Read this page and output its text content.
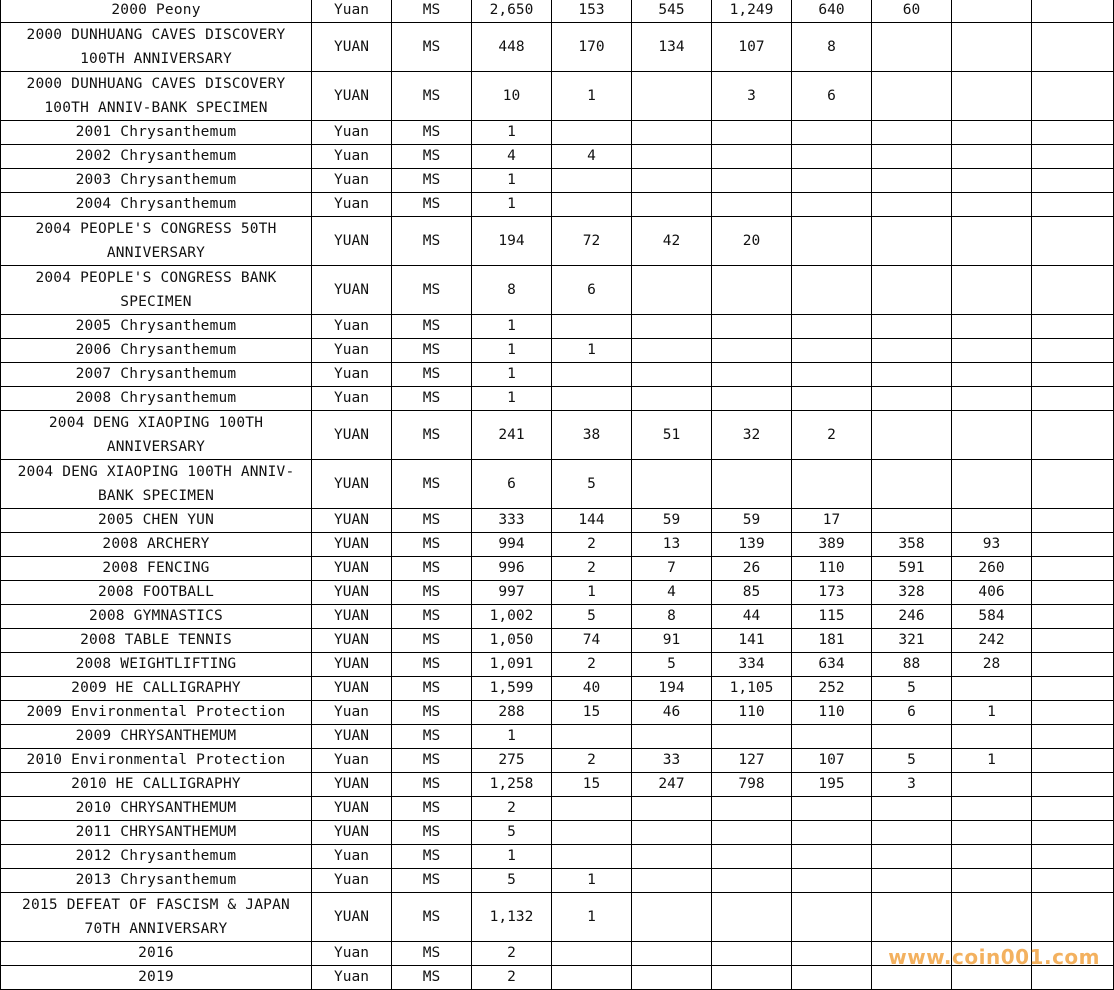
2000 Peony	Yuan	MS	2,650	153	545	1,249	640	60		
2000 DUNHUANG CAVES DISCOVERY 100TH ANNIVERSARY	YUAN	MS	448	170	134	107	8			
2000 DUNHUANG CAVES DISCOVERY 100TH ANNIV-BANK SPECIMEN	YUAN	MS	10	1		3	6			
2001 Chrysanthemum	Yuan	MS	1							
2002 Chrysanthemum	Yuan	MS	4	4						
2003 Chrysanthemum	Yuan	MS	1							
2004 Chrysanthemum	Yuan	MS	1							
2004 PEOPLE'S CONGRESS 50TH ANNIVERSARY	YUAN	MS	194	72	42	20				
2004 PEOPLE'S CONGRESS BANK SPECIMEN	YUAN	MS	8	6						
2005 Chrysanthemum	Yuan	MS	1							
2006 Chrysanthemum	Yuan	MS	1	1						
2007 Chrysanthemum	Yuan	MS	1							
2008 Chrysanthemum	Yuan	MS	1							
2004 DENG XIAOPING 100TH ANNIVERSARY	YUAN	MS	241	38	51	32	2			
2004 DENG XIAOPING 100TH ANNIV-BANK SPECIMEN	YUAN	MS	6	5						
2005 CHEN YUN	YUAN	MS	333	144	59	59	17			
2008 ARCHERY	YUAN	MS	994	2	13	139	389	358	93	
2008 FENCING	YUAN	MS	996	2	7	26	110	591	260	
2008 FOOTBALL	YUAN	MS	997	1	4	85	173	328	406	
2008 GYMNASTICS	YUAN	MS	1,002	5	8	44	115	246	584	
2008 TABLE TENNIS	YUAN	MS	1,050	74	91	141	181	321	242	
2008 WEIGHTLIFTING	YUAN	MS	1,091	2	5	334	634	88	28	
2009 HE CALLIGRAPHY	YUAN	MS	1,599	40	194	1,105	252	5		
2009 Environmental Protection	Yuan	MS	288	15	46	110	110	6	1	
2009 CHRYSANTHEMUM	YUAN	MS	1							
2010 Environmental Protection	Yuan	MS	275	2	33	127	107	5	1	
2010 HE CALLIGRAPHY	YUAN	MS	1,258	15	247	798	195	3		
2010 CHRYSANTHEMUM	YUAN	MS	2							
2011 CHRYSANTHEMUM	YUAN	MS	5							
2012 Chrysanthemum	Yuan	MS	1							
2013 Chrysanthemum	Yuan	MS	5	1						
2015 DEFEAT OF FASCISM & JAPAN 70TH ANNIVERSARY	YUAN	MS	1,132	1						
2016	Yuan	MS	2							
2019	Yuan	MS	2							
www.coin001.com
